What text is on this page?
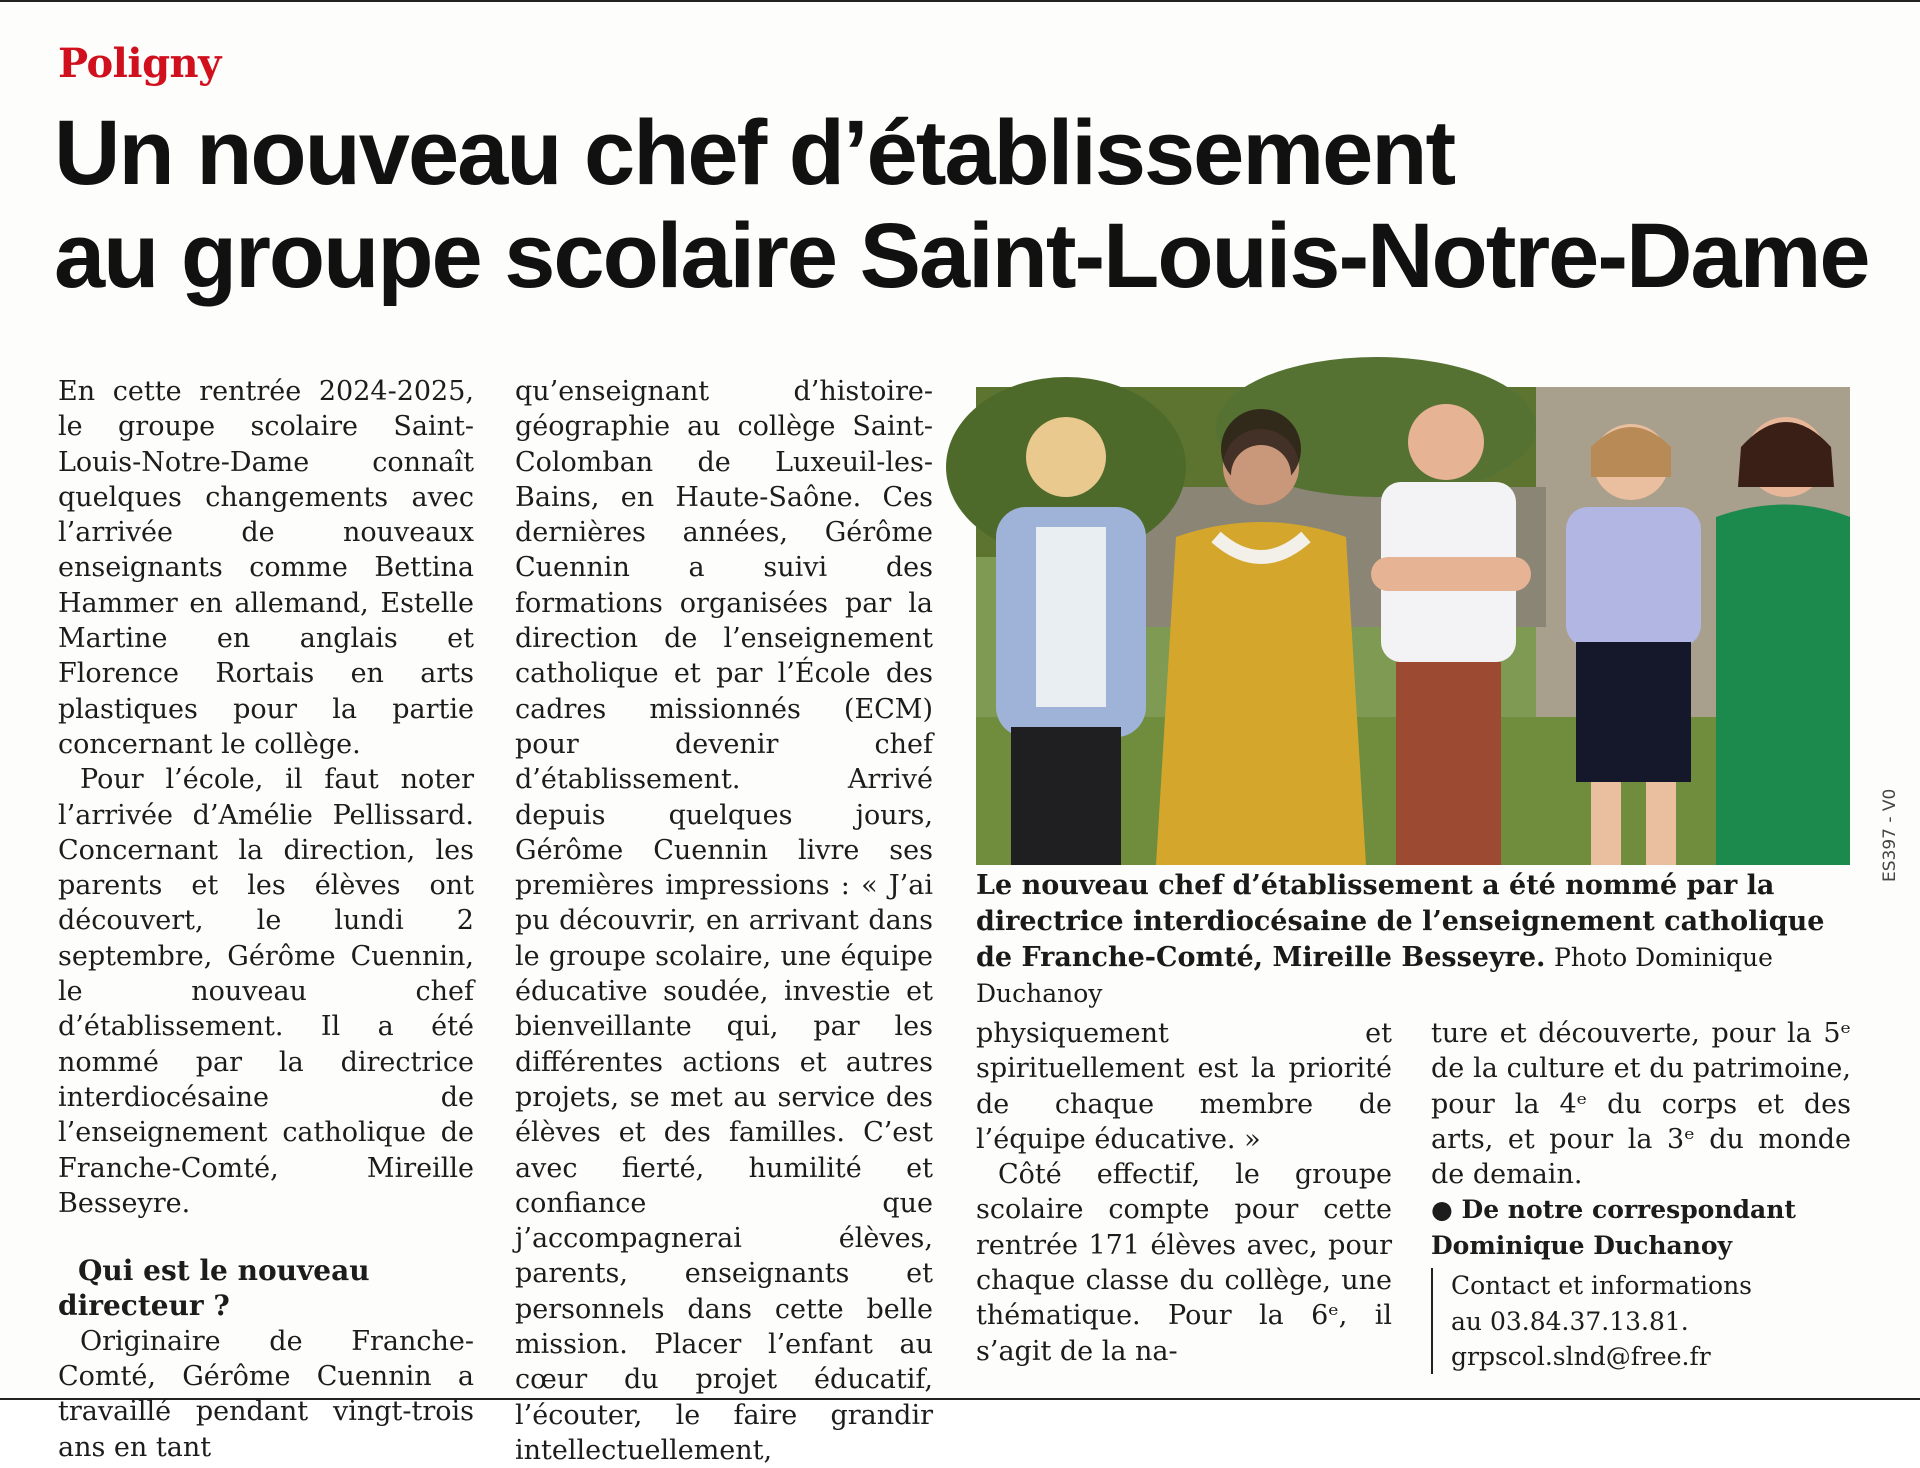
Poligny
Un nouveau chef d’établissement
au groupe scolaire Saint-Louis-Notre-Dame

En cette rentrée 2024-2025, le groupe scolaire Saint-Louis-Notre-Dame connaît quelques changements avec l’arrivée de nouveaux enseignants comme Bettina Hammer en allemand, Estelle Martine en anglais et Florence Rortais en arts plastiques pour la partie concernant le collège.

Pour l’école, il faut noter l’arrivée d’Amélie Pellissard. Concernant la direction, les parents et les élèves ont découvert, le lundi 2 septembre, Gérôme Cuennin, le nouveau chef d’établissement. Il a été nommé par la directrice interdiocésaine de l’enseignement catholique de Franche-Comté, Mireille Besseyre.

Qui est le nouveau
directeur ?

Originaire de Franche-Comté, Gérôme Cuennin a travaillé pendant vingt-trois ans en tant

qu’enseignant d’histoire-géographie au collège Saint-Colomban de Luxeuil-les-Bains, en Haute-Saône. Ces dernières années, Gérôme Cuennin a suivi des formations organisées par la direction de l’enseignement catholique et par l’École des cadres missionnés (ECM) pour devenir chef d’établissement. Arrivé depuis quelques jours, Gérôme Cuennin livre ses premières impressions : « J’ai pu découvrir, en arrivant dans le groupe scolaire, une équipe éducative soudée, investie et bienveillante qui, par les différentes actions et autres projets, se met au service des élèves et des familles. C’est avec fierté, humilité et confiance que j’accompagnerai élèves, parents, enseignants et personnels dans cette belle mission. Placer l’enfant au cœur du projet éducatif, l’écouter, le faire grandir intellectuellement,

Le nouveau chef d’établissement a été nommé par la directrice interdiocésaine de l’enseignement catholique de Franche-Comté, Mireille Besseyre. Photo Dominique Duchanoy

physiquement et spirituellement est la priorité de chaque membre de l’équipe éducative. »

Côté effectif, le groupe scolaire compte pour cette rentrée 171 élèves avec, pour chaque classe du collège, une thématique. Pour la 6ᵉ, il s’agit de la na-

ture et découverte, pour la 5ᵉ de la culture et du patrimoine, pour la 4ᵉ du corps et des arts, et pour la 3ᵉ du monde de demain.

● De notre correspondant
Dominique Duchanoy
Contact et informations
au 03.84.37.13.81.
grpscol.slnd@free.fr
ES397 - V0
